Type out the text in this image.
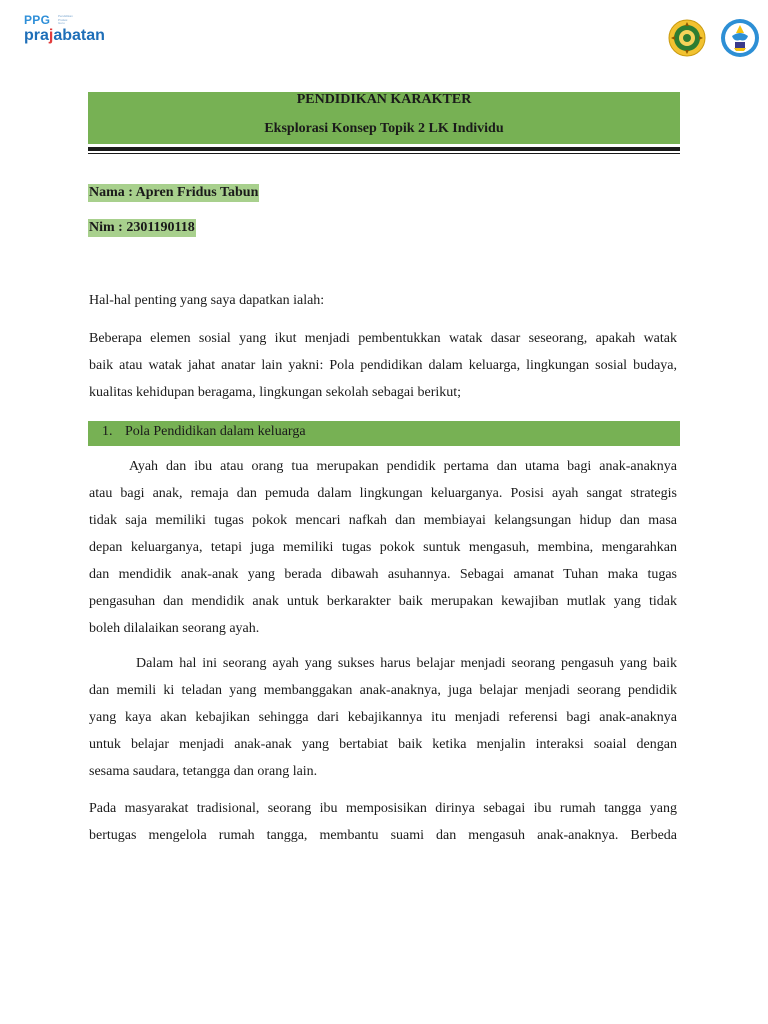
PPG	Pendidikan
Profesi
Guru
prajabatan
PENDIDIKAN KARAKTER
Eksplorasi Konsep Topik 2 LK Individu
Nama : Apren Fridus Tabun
Nim : 2301190118
Hal-hal penting yang saya dapatkan ialah:
Beberapa elemen sosial yang ikut menjadi pembentukkan watak dasar seseorang, apakah watak
baik atau watak jahat anatar lain yakni: Pola pendidikan dalam keluarga, lingkungan sosial budaya,
kualitas kehidupan beragama, lingkungan sekolah sebagai berikut;
1. Pola Pendidikan dalam keluarga
Ayah dan ibu atau orang tua merupakan pendidik pertama dan utama bagi anak-anaknya
atau bagi anak, remaja dan pemuda dalam lingkungan keluarganya. Posisi ayah sangat strategis
tidak saja memiliki tugas pokok mencari nafkah dan membiayai kelangsungan hidup dan masa
depan keluarganya, tetapi juga memiliki tugas pokok suntuk mengasuh, membina, mengarahkan
dan mendidik anak-anak yang berada dibawah asuhannya. Sebagai amanat Tuhan maka tugas
pengasuhan dan mendidik anak untuk berkarakter baik merupakan kewajiban mutlak yang tidak
boleh dilalaikan seorang ayah.
Dalam hal ini seorang ayah yang sukses harus belajar menjadi seorang pengasuh yang baik
dan memili ki teladan yang membanggakan anak-anaknya, juga belajar menjadi seorang pendidik
yang kaya akan kebajikan sehingga dari kebajikannya itu menjadi referensi bagi anak-anaknya
untuk belajar menjadi anak-anak yang bertabiat baik ketika menjalin interaksi soaial dengan
sesama saudara, tetangga dan orang lain.
Pada masyarakat tradisional, seorang ibu memposisikan dirinya sebagai ibu rumah tangga yang
bertugas mengelola rumah tangga, membantu suami dan mengasuh anak-anaknya. Berbeda
